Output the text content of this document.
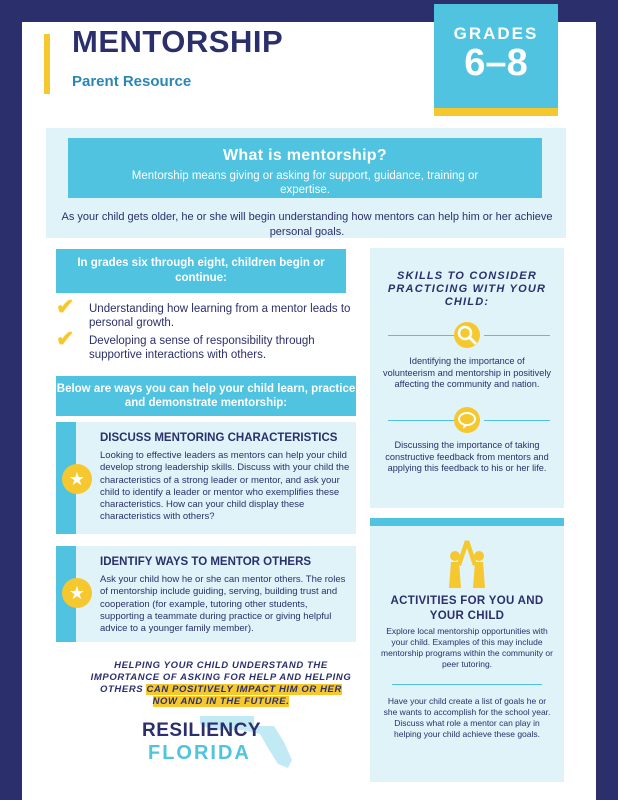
MENTORSHIP
Parent Resource
GRADES
6–8
What is mentorship?
Mentorship means giving or asking for support, guidance, training or expertise.
As your child gets older, he or she will begin understanding how mentors can help him or her achieve personal goals.
In grades six through eight, children begin or continue:
✔ Understanding how learning from a mentor leads to personal growth.
✔ Developing a sense of responsibility through supportive interactions with others.
Below are ways you can help your child learn, practice and demonstrate mentorship:
★
DISCUSS MENTORING CHARACTERISTICS
Looking to effective leaders as mentors can help your child develop strong leadership skills. Discuss with your child the characteristics of a strong leader or mentor, and ask your child to identify a leader or mentor who exemplifies these characteristics. How can your child display these characteristics with others?
★
IDENTIFY WAYS TO MENTOR OTHERS
Ask your child how he or she can mentor others. The roles of mentorship include guiding, serving, building trust and cooperation (for example, tutoring other students, supporting a teammate during practice or giving helpful advice to a younger family member).
HELPING YOUR CHILD UNDERSTAND THE IMPORTANCE OF ASKING FOR HELP AND HELPING OTHERS CAN POSITIVELY IMPACT HIM OR HER NOW AND IN THE FUTURE.
RESILIENCY
FLORIDA
SKILLS TO CONSIDER PRACTICING WITH YOUR CHILD:
Identifying the importance of volunteerism and mentorship in positively affecting the community and nation.
Discussing the importance of taking constructive feedback from mentors and applying this feedback to his or her life.
ACTIVITIES FOR YOU AND YOUR CHILD
Explore local mentorship opportunities with your child. Examples of this may include mentorship programs within the community or peer tutoring.
Have your child create a list of goals he or she wants to accomplish for the school year. Discuss what role a mentor can play in helping your child achieve these goals.
